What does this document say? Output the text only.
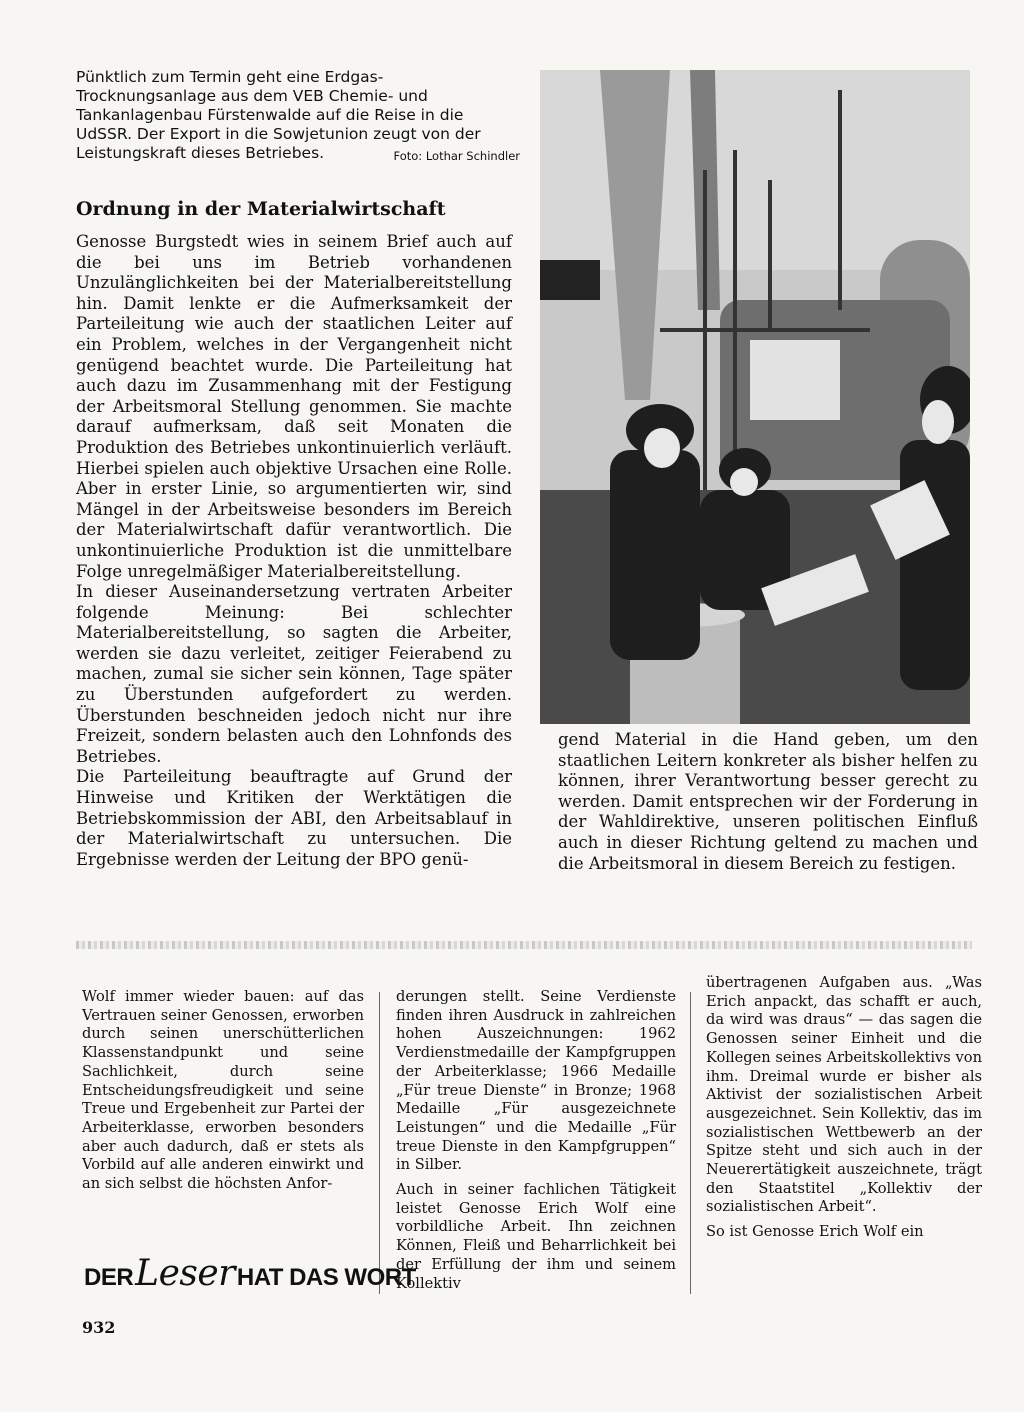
Pünktlich zum Termin geht eine Erdgas-Trocknungsanlage aus dem VEB Chemie- und Tankanlagenbau Fürstenwalde auf die Reise in die UdSSR. Der Export in die Sowjetunion zeugt von der Leistungskraft dieses Betriebes.	Foto: Lothar Schindler
Ordnung in der Materialwirtschaft

Genosse Burgstedt wies in seinem Brief auch auf die bei uns im Betrieb vorhandenen Unzulänglichkeiten bei der Materialbereitstellung hin. Damit lenkte er die Aufmerksamkeit der Parteileitung wie auch der staatlichen Leiter auf ein Problem, welches in der Vergangenheit nicht genügend beachtet wurde. Die Parteileitung hat auch dazu im Zusammenhang mit der Festigung der Arbeitsmoral Stellung genommen. Sie machte darauf aufmerksam, daß seit Monaten die Produktion des Betriebes unkontinuierlich verläuft. Hierbei spielen auch objektive Ursachen eine Rolle. Aber in erster Linie, so argumentierten wir, sind Mängel in der Arbeitsweise besonders im Bereich der Materialwirtschaft dafür verantwortlich. Die unkontinuierliche Produktion ist die unmittelbare Folge unregelmäßiger Materialbereitstellung.

In dieser Auseinandersetzung vertraten Arbeiter folgende Meinung: Bei schlechter Materialbereitstellung, so sagten die Arbeiter, werden sie dazu verleitet, zeitiger Feierabend zu machen, zumal sie sicher sein können, Tage später zu Überstunden aufgefordert zu werden. Überstunden beschneiden jedoch nicht nur ihre Freizeit, sondern belasten auch den Lohnfonds des Betriebes.

Die Parteileitung beauftragte auf Grund der Hinweise und Kritiken der Werktätigen die Betriebskommission der ABI, den Arbeitsablauf in der Materialwirtschaft zu untersuchen. Die Ergebnisse werden der Leitung der BPO genü-

gend Material in die Hand geben, um den staatlichen Leitern konkreter als bisher helfen zu können, ihrer Verantwortung besser gerecht zu werden. Damit entsprechen wir der Forderung in der Wahldirektive, unseren politischen Einfluß auch in dieser Richtung geltend zu machen und die Arbeitsmoral in diesem Bereich zu festigen.

Wolf immer wieder bauen: auf das Vertrauen seiner Genossen, erworben durch seinen unerschütterlichen Klassenstandpunkt und seine Sachlichkeit, durch seine Entscheidungsfreudigkeit und seine Treue und Ergebenheit zur Partei der Arbeiterklasse, erworben besonders aber auch dadurch, daß er stets als Vorbild auf alle anderen einwirkt und an sich selbst die höchsten Anfor-

derungen stellt. Seine Verdienste finden ihren Ausdruck in zahlreichen hohen Auszeichnungen: 1962 Verdienstmedaille der Kampfgruppen der Arbeiterklasse; 1966 Medaille „Für treue Dienste“ in Bronze; 1968 Medaille „Für ausgezeichnete Leistungen“ und die Medaille „Für treue Dienste in den Kampfgruppen“ in Silber.

Auch in seiner fachlichen Tätigkeit leistet Genosse Erich Wolf eine vorbildliche Arbeit. Ihn zeichnen Können, Fleiß und Beharrlichkeit bei der Erfüllung der ihm und seinem Kollektiv

übertragenen Aufgaben aus. „Was Erich anpackt, das schafft er auch, da wird was draus“ — das sagen die Genossen seiner Einheit und die Kollegen seines Arbeitskollektivs von ihm. Dreimal wurde er bisher als Aktivist der sozialistischen Arbeit ausgezeichnet. Sein Kollektiv, das im sozialistischen Wettbewerb an der Spitze steht und sich auch in der Neuerertätigkeit auszeichnete, trägt den Staatstitel „Kollektiv der sozialistischen Arbeit“.

So ist Genosse Erich Wolf ein

DERLeserHAT DAS WORT
932
